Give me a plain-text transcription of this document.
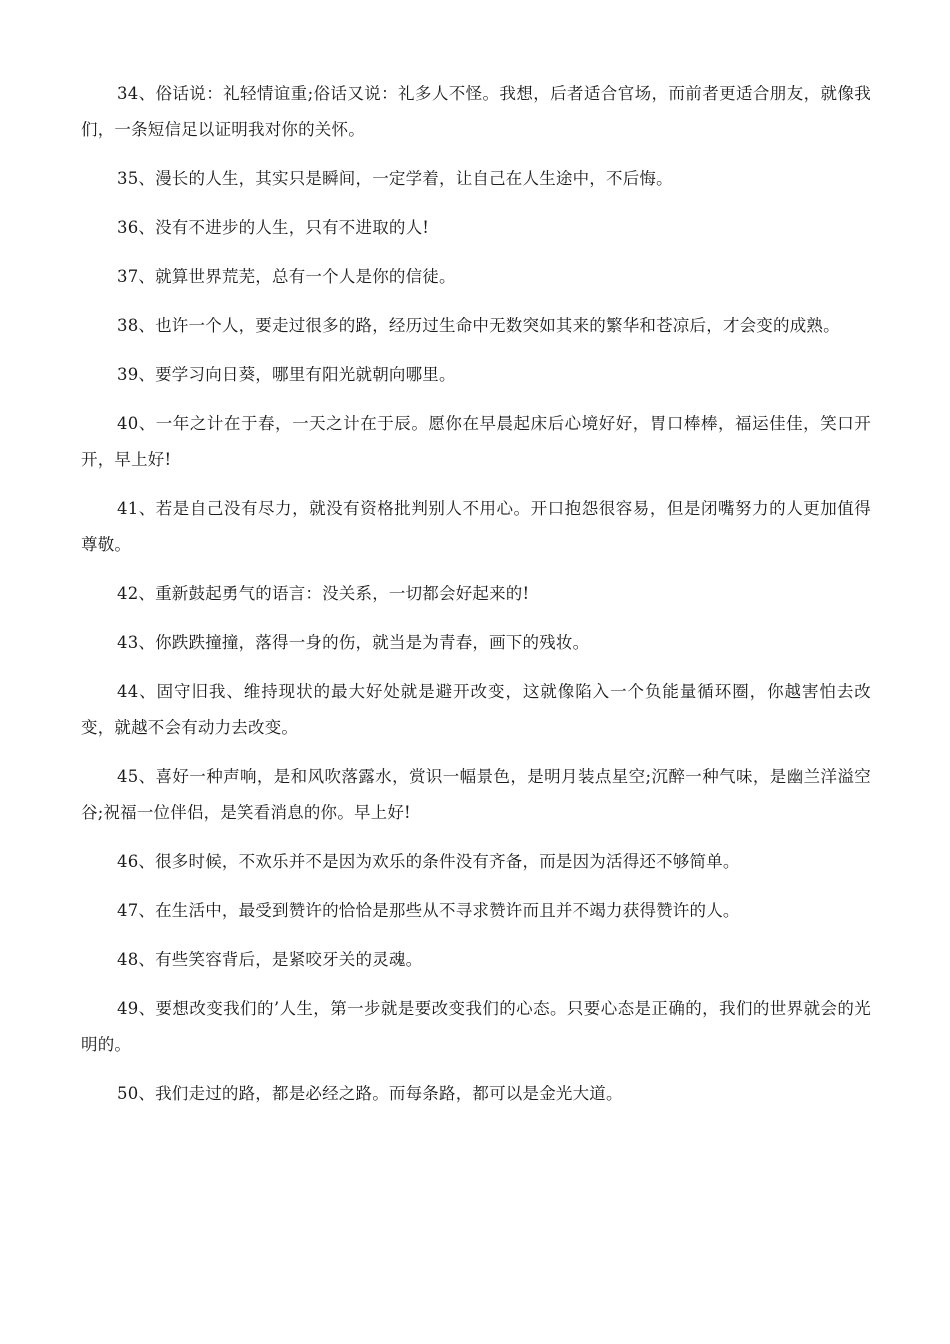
34、俗话说：礼轻情谊重;俗话又说：礼多人不怪。我想，后者适合官场，而前者更适合朋友，就像我们，一条短信足以证明我对你的关怀。

35、漫长的人生，其实只是瞬间，一定学着，让自己在人生途中，不后悔。

36、没有不进步的人生，只有不进取的人!

37、就算世界荒芜，总有一个人是你的信徒。

38、也许一个人，要走过很多的路，经历过生命中无数突如其来的繁华和苍凉后，才会变的成熟。

39、要学习向日葵，哪里有阳光就朝向哪里。

40、一年之计在于春，一天之计在于辰。愿你在早晨起床后心境好好，胃口棒棒，福运佳佳，笑口开开，早上好!

41、若是自己没有尽力，就没有资格批判别人不用心。开口抱怨很容易，但是闭嘴努力的人更加值得尊敬。

42、重新鼓起勇气的语言：没关系，一切都会好起来的!

43、你跌跌撞撞，落得一身的伤，就当是为青春，画下的残妆。

44、固守旧我、维持现状的最大好处就是避开改变，这就像陷入一个负能量循环圈，你越害怕去改变，就越不会有动力去改变。

45、喜好一种声响，是和风吹落露水，赏识一幅景色，是明月装点星空;沉醉一种气味，是幽兰洋溢空谷;祝福一位伴侣，是笑看消息的你。早上好!

46、很多时候，不欢乐并不是因为欢乐的条件没有齐备，而是因为活得还不够简单。

47、在生活中，最受到赞许的恰恰是那些从不寻求赞许而且并不竭力获得赞许的人。

48、有些笑容背后，是紧咬牙关的灵魂。

49、要想改变我们的’人生，第一步就是要改变我们的心态。只要心态是正确的，我们的世界就会的光明的。

50、我们走过的路，都是必经之路。而每条路，都可以是金光大道。
